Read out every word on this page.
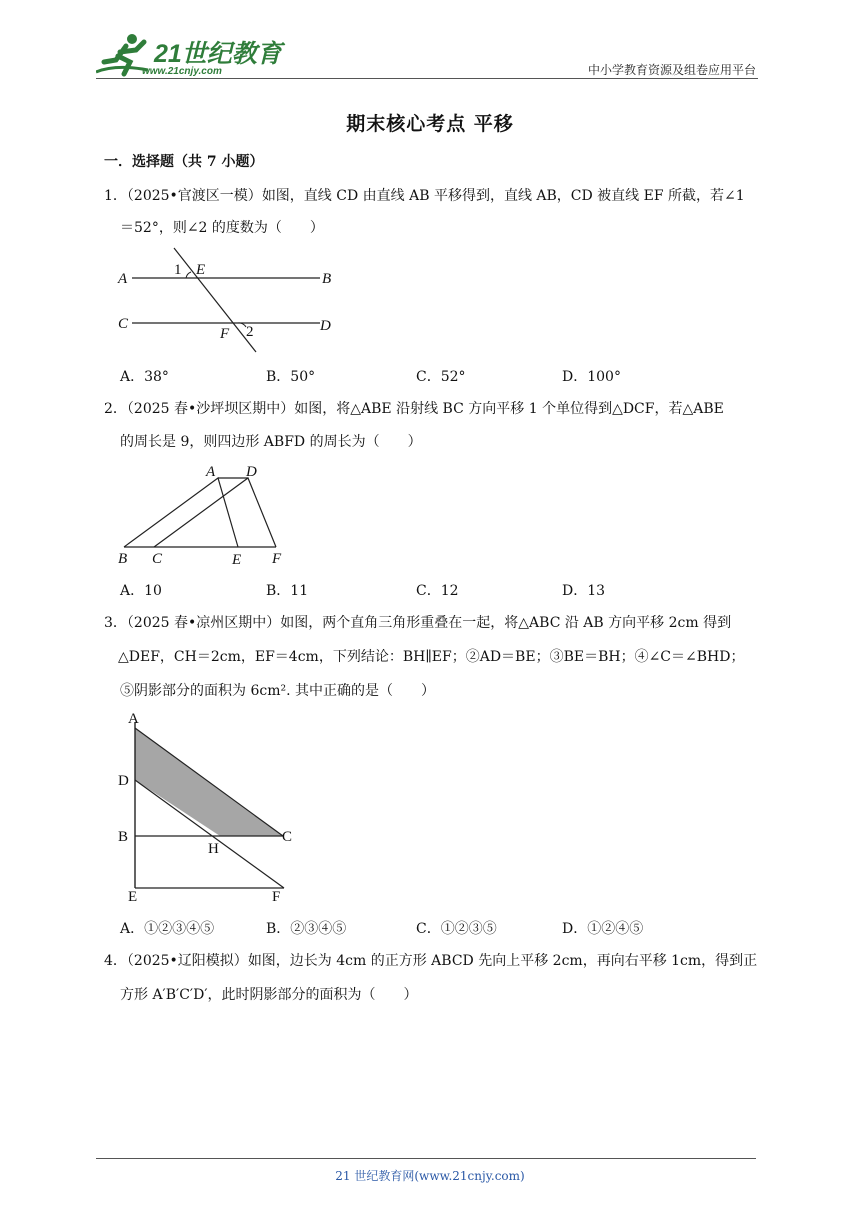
21世纪教育
www.21cnjy.com	中小学教育资源及组卷应用平台
期末核心考点 平移
一．选择题（共 7 小题）
1．（2025•官渡区一模）如图，直线 CD 由直线 AB 平移得到，直线 AB，CD 被直线 EF 所截，若∠1
＝52°，则∠2 的度数为（　　）
A	B
C	D
E
F
1
2
A．38°	B．50°	C．52°	D．100°
2．（2025 春•沙坪坝区期中）如图，将△ABE 沿射线 BC 方向平移 1 个单位得到△DCF，若△ABE
的周长是 9，则四边形 ABFD 的周长为（　　）
A D
B C	E F
A．10	B．11	C．12	D．13
3．（2025 春•凉州区期中）如图，两个直角三角形重叠在一起，将△ABC 沿 AB 方向平移 2cm 得到
△DEF，CH＝2cm，EF＝4cm，下列结论：BH∥EF；②AD＝BE；③BE＝BH；④∠C＝∠BHD；
⑤阴影部分的面积为 6cm². 其中正确的是（　　）
A
D
B
H
C
E	F
A．①②③④⑤	B．②③④⑤	C．①②③⑤	D．①②④⑤
4．（2025•辽阳模拟）如图，边长为 4cm 的正方形 ABCD 先向上平移 2cm，再向右平移 1cm，得到正
方形 A′B′C′D′，此时阴影部分的面积为（　　）
21 世纪教育网(www.21cnjy.com)
